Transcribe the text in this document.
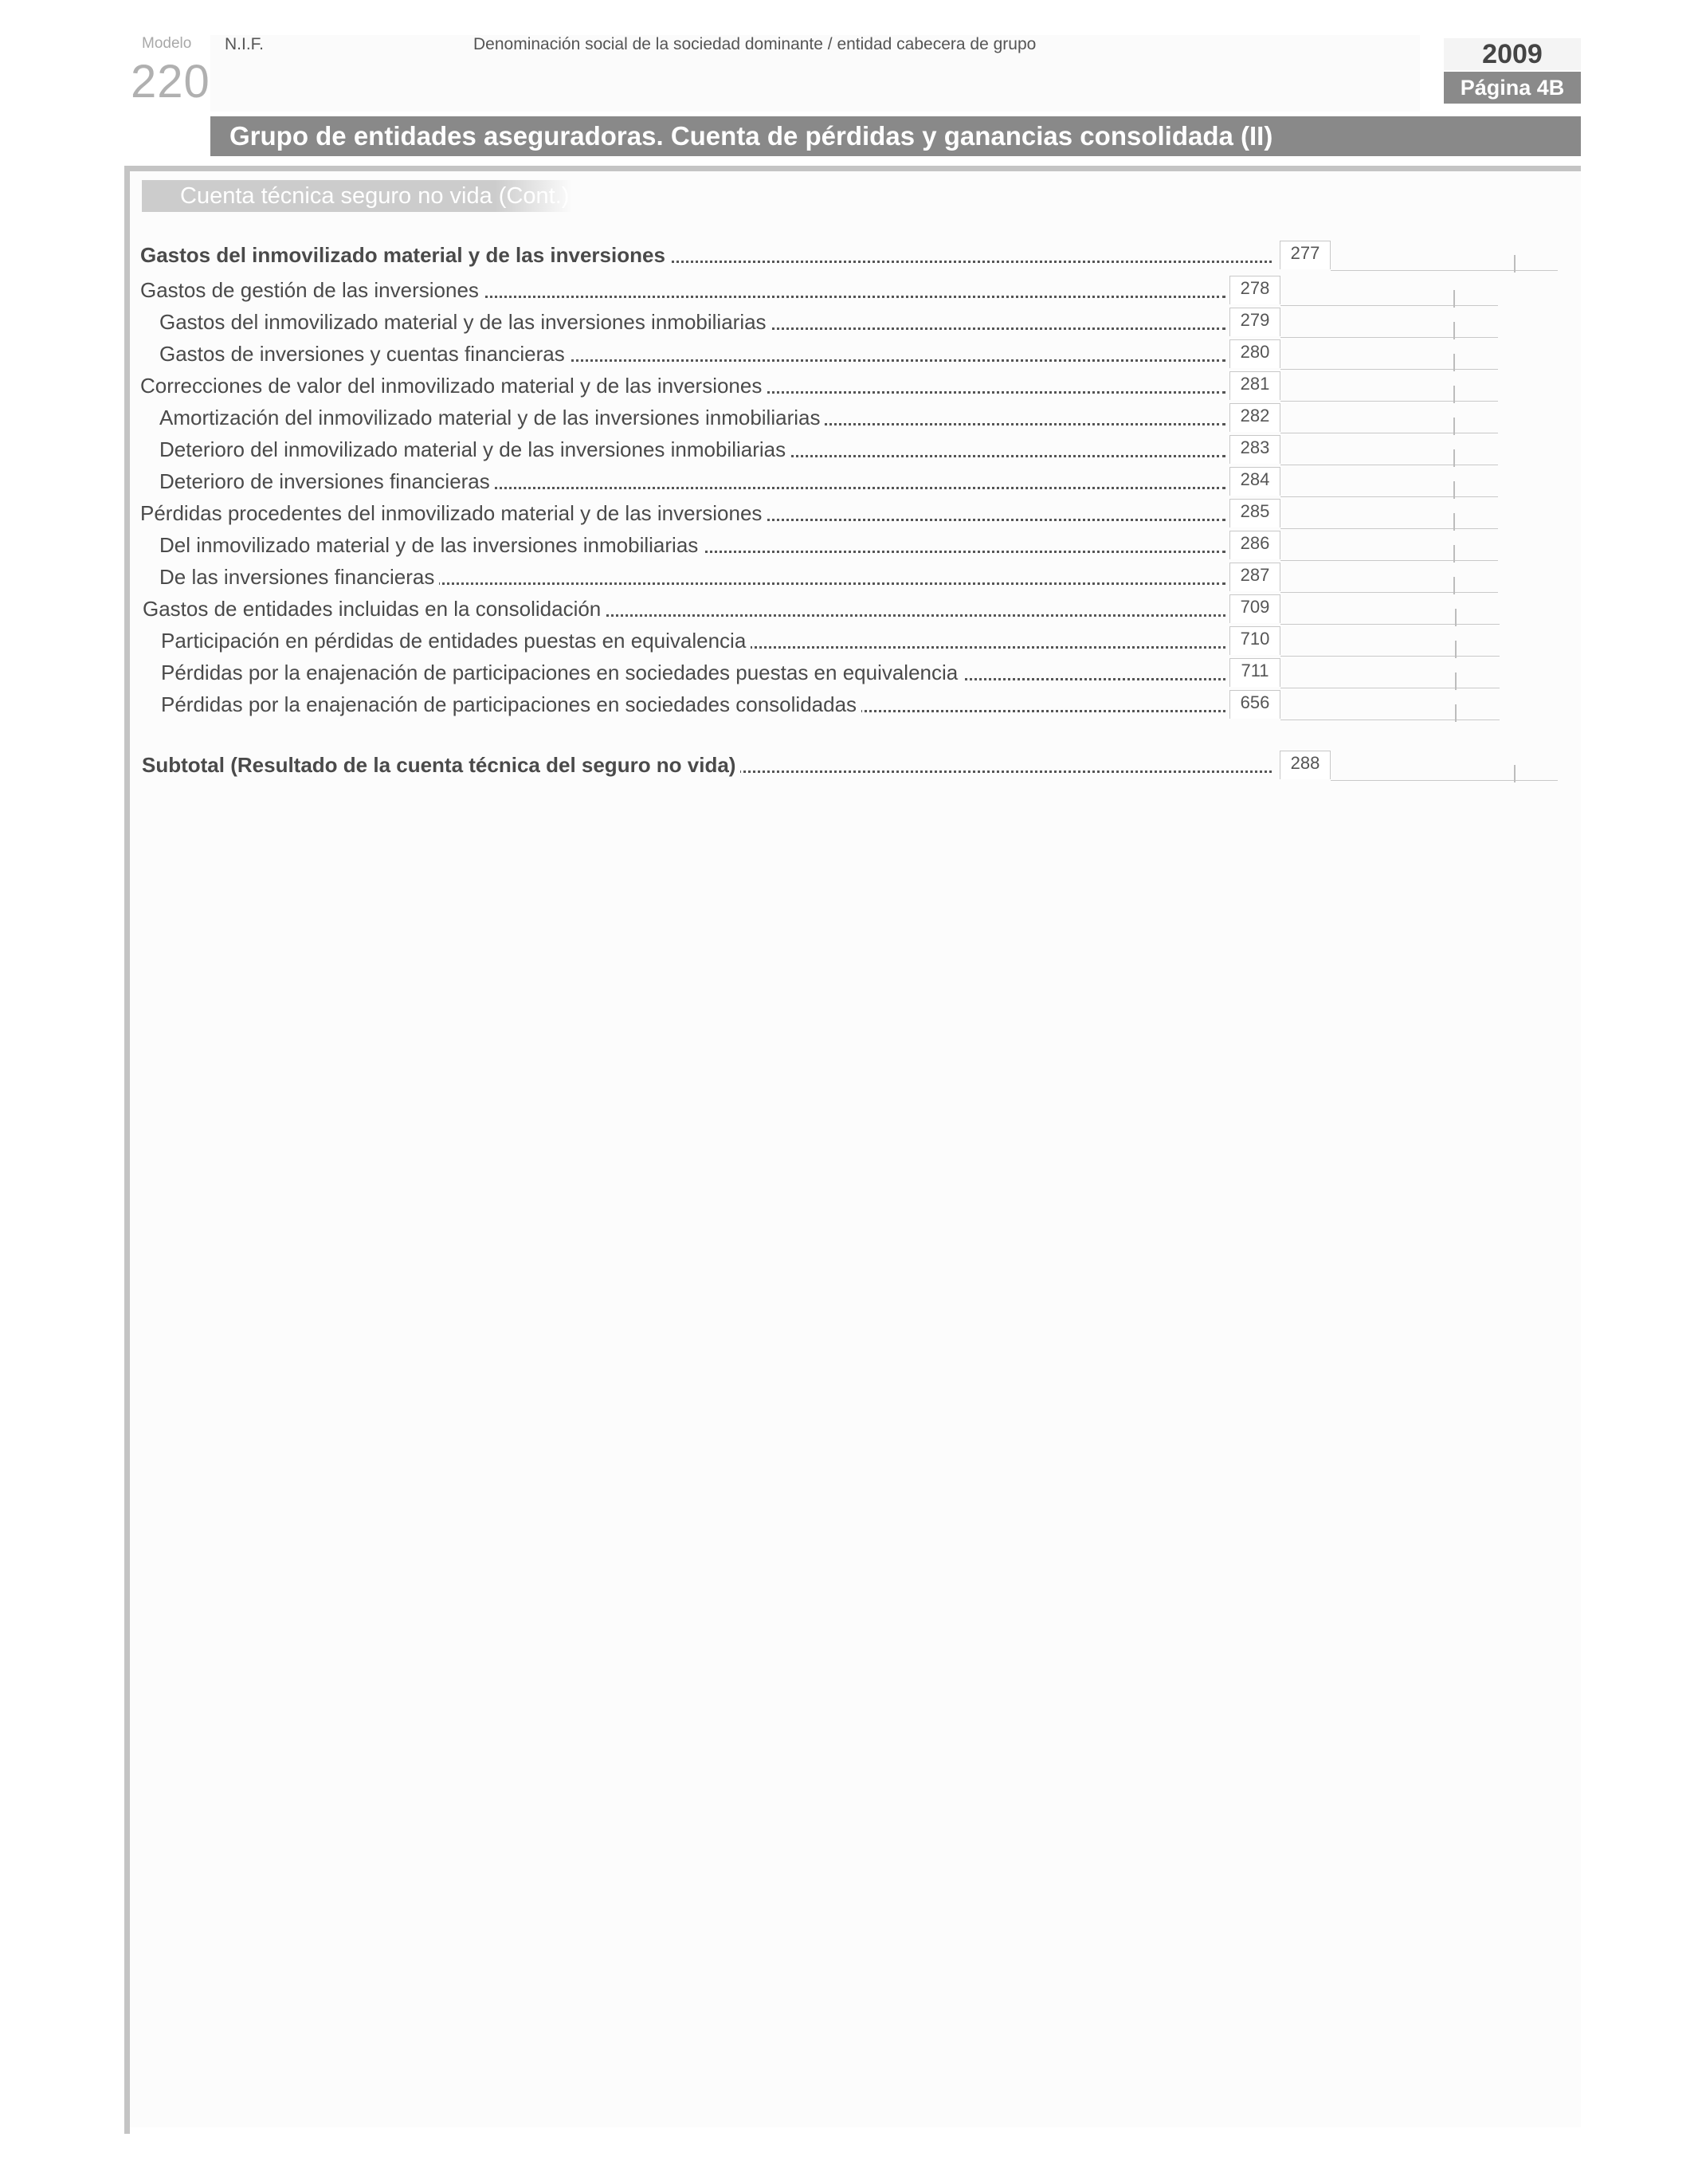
Modelo
220
N.I.F.	Denominación social de la sociedad dominante / entidad cabecera de grupo	2009
Página 4B
Grupo de entidades aseguradoras. Cuenta de pérdidas y ganancias consolidada (II)
Cuenta técnica seguro no vida (Cont.)
Gastos del inmovilizado material y de las inversiones	277
Gastos de gestión de las inversiones	278
Gastos del inmovilizado material y de las inversiones inmobiliarias	279
Gastos de inversiones y cuentas financieras	280
Correcciones de valor del inmovilizado material y de las inversiones	281
Amortización del inmovilizado material y de las inversiones inmobiliarias	282
Deterioro del inmovilizado material y de las inversiones inmobiliarias	283
Deterioro de inversiones financieras	284
Pérdidas procedentes del inmovilizado material y de las inversiones	285
Del inmovilizado material y de las inversiones inmobiliarias	286
De las inversiones financieras	287
Gastos de entidades incluidas en la consolidación	709
Participación en pérdidas de entidades puestas en equivalencia	710
Pérdidas por la enajenación de participaciones en sociedades puestas en equivalencia	711
Pérdidas por la enajenación de participaciones en sociedades consolidadas	656
Subtotal (Resultado de la cuenta técnica del seguro no vida)	288
